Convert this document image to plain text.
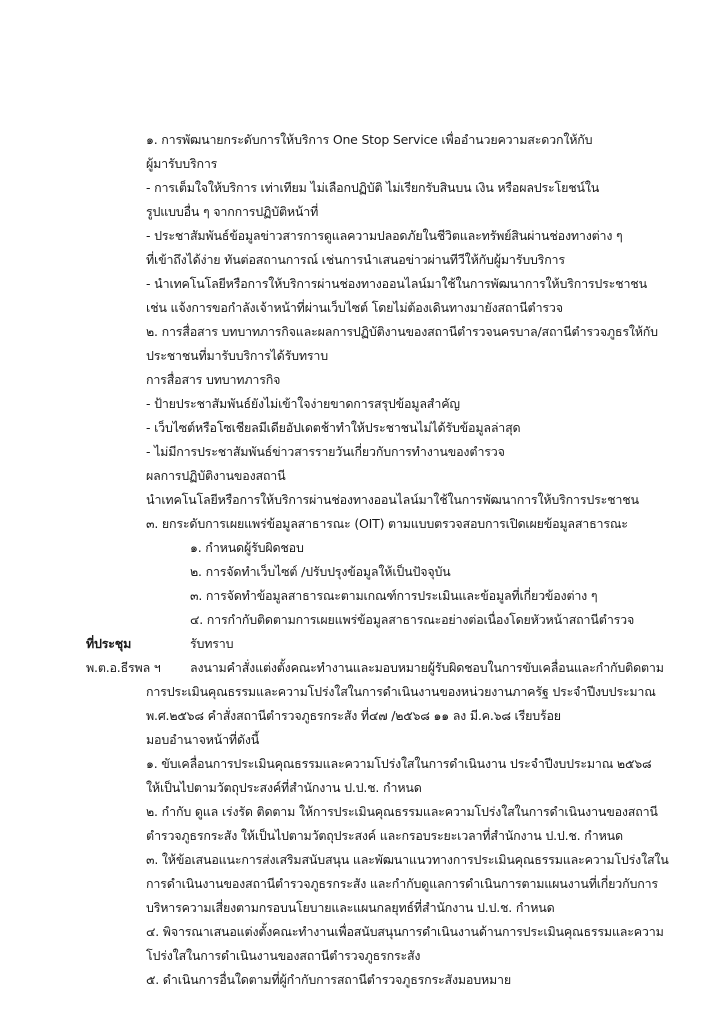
๑. การพัฒนายกระดับการให้บริการ One Stop Service เพื่ออำนวยความสะดวกให้กับ
ผู้มารับบริการ
- การเต็มใจให้บริการ เท่าเทียม ไม่เลือกปฏิบัติ ไม่เรียกรับสินบน เงิน หรือผลประโยชน์ใน
รูปแบบอื่น ๆ จากการปฏิบัติหน้าที่
- ประชาสัมพันธ์ข้อมูลข่าวสารการดูแลความปลอดภัยในชีวิตและทรัพย์สินผ่านช่องทางต่าง ๆ
ที่เข้าถึงได้ง่าย ทันต่อสถานการณ์ เช่นการนำเสนอข่าวผ่านทีวีให้กับผู้มารับบริการ
- นำเทคโนโลยีหรือการให้บริการผ่านช่องทางออนไลน์มาใช้ในการพัฒนาการให้บริการประชาชน
เช่น แจ้งการขอกำลังเจ้าหน้าที่ผ่านเว็บไซต์ โดยไม่ต้องเดินทางมายังสถานีตำรวจ
๒. การสื่อสาร บทบาทภารกิจและผลการปฏิบัติงานของสถานีตำรวจนครบาล/สถานีตำรวจภูธรให้กับ
ประชาชนที่มารับบริการได้รับทราบ
การสื่อสาร บทบาทภารกิจ
- ป้ายประชาสัมพันธ์ยังไม่เข้าใจง่ายขาดการสรุปข้อมูลสำคัญ
- เว็บไซต์หรือโซเชียลมีเดียอัปเดตช้าทำให้ประชาชนไม่ได้รับข้อมูลล่าสุด
- ไม่มีการประชาสัมพันธ์ข่าวสารรายวันเกี่ยวกับการทำงานของตำรวจ
ผลการปฏิบัติงานของสถานี
นำเทคโนโลยีหรือการให้บริการผ่านช่องทางออนไลน์มาใช้ในการพัฒนาการให้บริการประชาชน
๓. ยกระดับการเผยแพร่ข้อมูลสาธารณะ (OIT) ตามแบบตรวจสอบการเปิดเผยข้อมูลสาธารณะ
๑. กำหนดผู้รับผิดชอบ
๒. การจัดทำเว็บไซต์ /ปรับปรุงข้อมูลให้เป็นปัจจุบัน
๓. การจัดทำข้อมูลสาธารณะตามเกณฑ์การประเมินและข้อมูลที่เกี่ยวข้องต่าง ๆ
๔. การกำกับติดตามการเผยแพร่ข้อมูลสาธารณะอย่างต่อเนื่องโดยหัวหน้าสถานีตำรวจ
ที่ประชุม	รับทราบ
พ.ต.อ.ธีรพล ฯ ลงนามคำสั่งแต่งตั้งคณะทำงานและมอบหมายผู้รับผิดชอบในการขับเคลื่อนและกำกับติดตาม
การประเมินคุณธรรมและความโปร่งใสในการดำเนินงานของหน่วยงานภาครัฐ ประจำปีงบประมาณ
พ.ศ.๒๕๖๘ คำสั่งสถานีตำรวจภูธรกระสัง ที่๔๗ /๒๕๖๘ ๑๑ ลง มี.ค.๖๘ เรียบร้อย
มอบอำนาจหน้าที่ดังนี้
๑. ขับเคลื่อนการประเมินคุณธรรมและความโปร่งใสในการดำเนินงาน ประจำปีงบประมาณ ๒๕๖๘
ให้เป็นไปตามวัตถุประสงค์ที่สำนักงาน ป.ป.ช. กำหนด
๒. กำกับ ดูแล เร่งรัด ติดตาม ให้การประเมินคุณธรรมและความโปร่งใสในการดำเนินงานของสถานี
ตำรวจภูธรกระสัง ให้เป็นไปตามวัตถุประสงค์ และกรอบระยะเวลาที่สำนักงาน ป.ป.ช. กำหนด
๓. ให้ข้อเสนอแนะการส่งเสริมสนับสนุน และพัฒนาแนวทางการประเมินคุณธรรมและความโปร่งใสใน
การดำเนินงานของสถานีตำรวจภูธรกระสัง และกำกับดูแลการดำเนินการตามแผนงานที่เกี่ยวกับการ
บริหารความเสี่ยงตามกรอบนโยบายและแผนกลยุทธ์ที่สำนักงาน ป.ป.ช. กำหนด
๔. พิจารณาเสนอแต่งตั้งคณะทำงานเพื่อสนับสนุนการดำเนินงานด้านการประเมินคุณธรรมและความ
โปร่งใสในการดำเนินงานของสถานีตำรวจภูธรกระสัง
๕. ดำเนินการอื่นใดตามที่ผู้กำกับการสถานีตำรวจภูธรกระสังมอบหมาย
